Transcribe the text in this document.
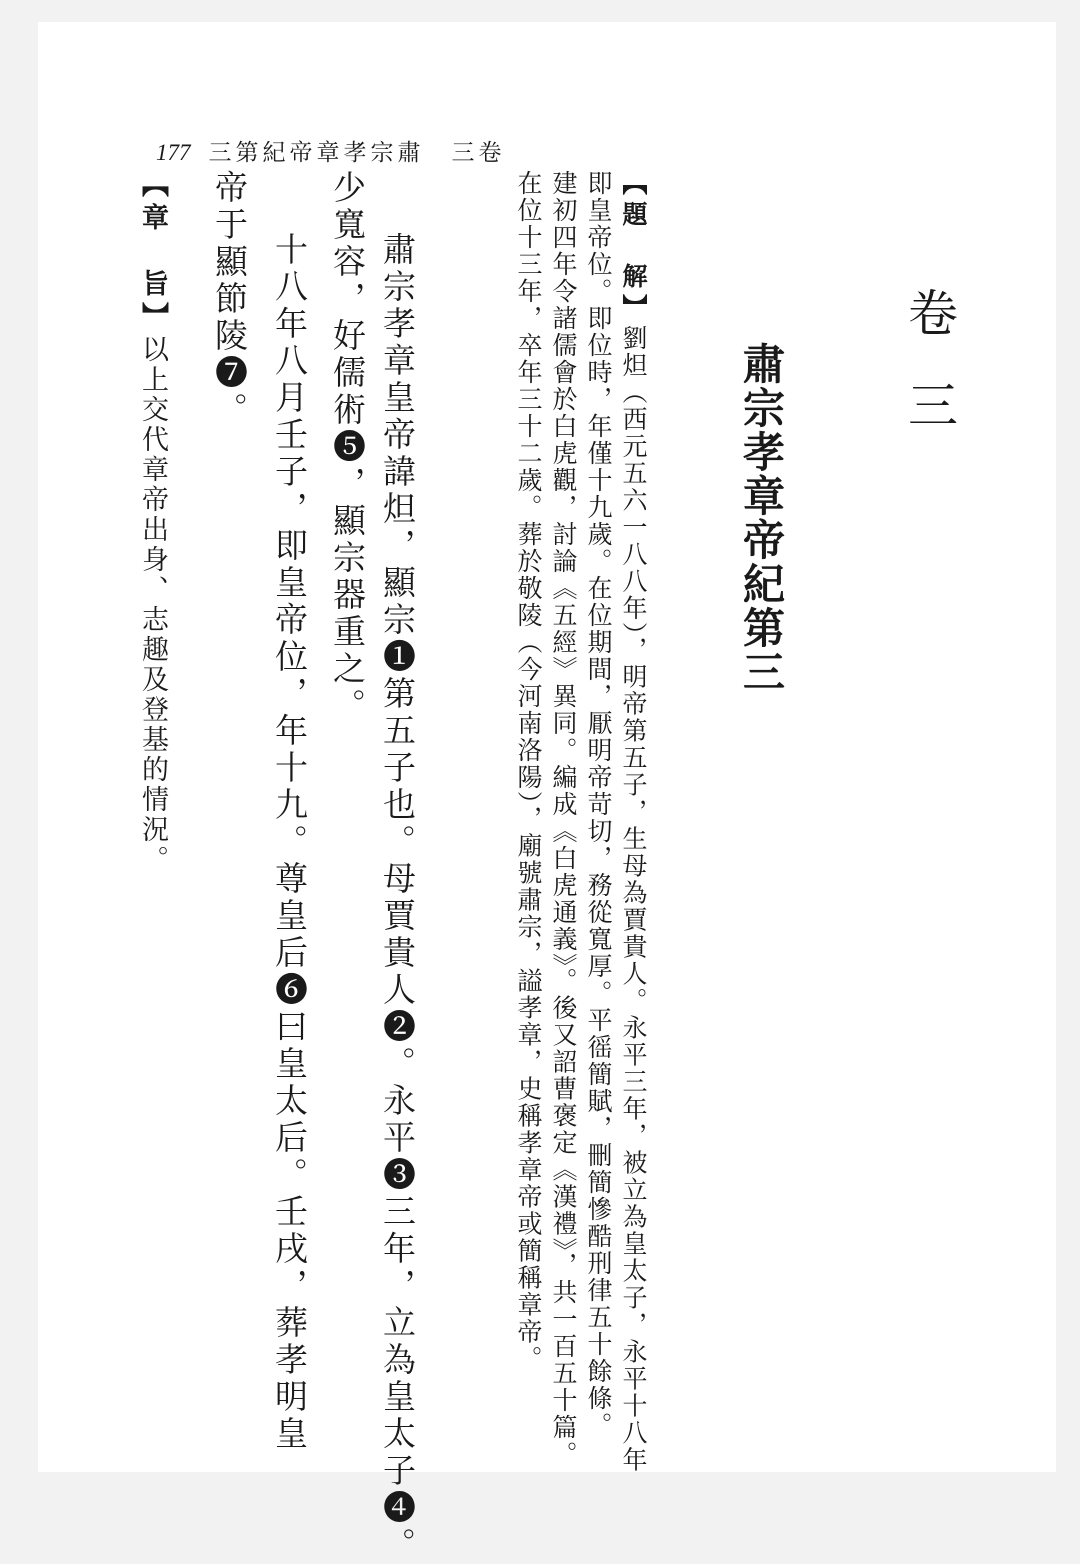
177 三第紀帝章孝宗肅　三卷
卷三
肅宗孝章帝紀第三
【題　解】劉炟（西元五六一八八年），明帝第五子，生母為賈貴人。永平三年，被立為皇太子，永平十八年
即皇帝位。即位時，年僅十九歲。在位期間，厭明帝苛切，務從寬厚。平徭簡賦，刪簡慘酷刑律五十餘條。
建初四年令諸儒會於白虎觀，討論《五經》異同。編成《白虎通義》。後又詔曹褒定《漢禮》，共一百五十篇。
在位十三年，卒年三十二歲。葬於敬陵（今河南洛陽），廟號肅宗，謚孝章，史稱孝章帝或簡稱章帝。
肅宗孝章皇帝諱炟，顯宗❶第五子也。母賈貴人❷。永平❸三年，立為皇太子❹。
少寬容，好儒術❺，顯宗器重之。
十八年八月壬子，即皇帝位，年十九。尊皇后❻曰皇太后。壬戌，葬孝明皇
帝于顯節陵❼。
【章　旨】以上交代章帝出身、志趣及登基的情況。
